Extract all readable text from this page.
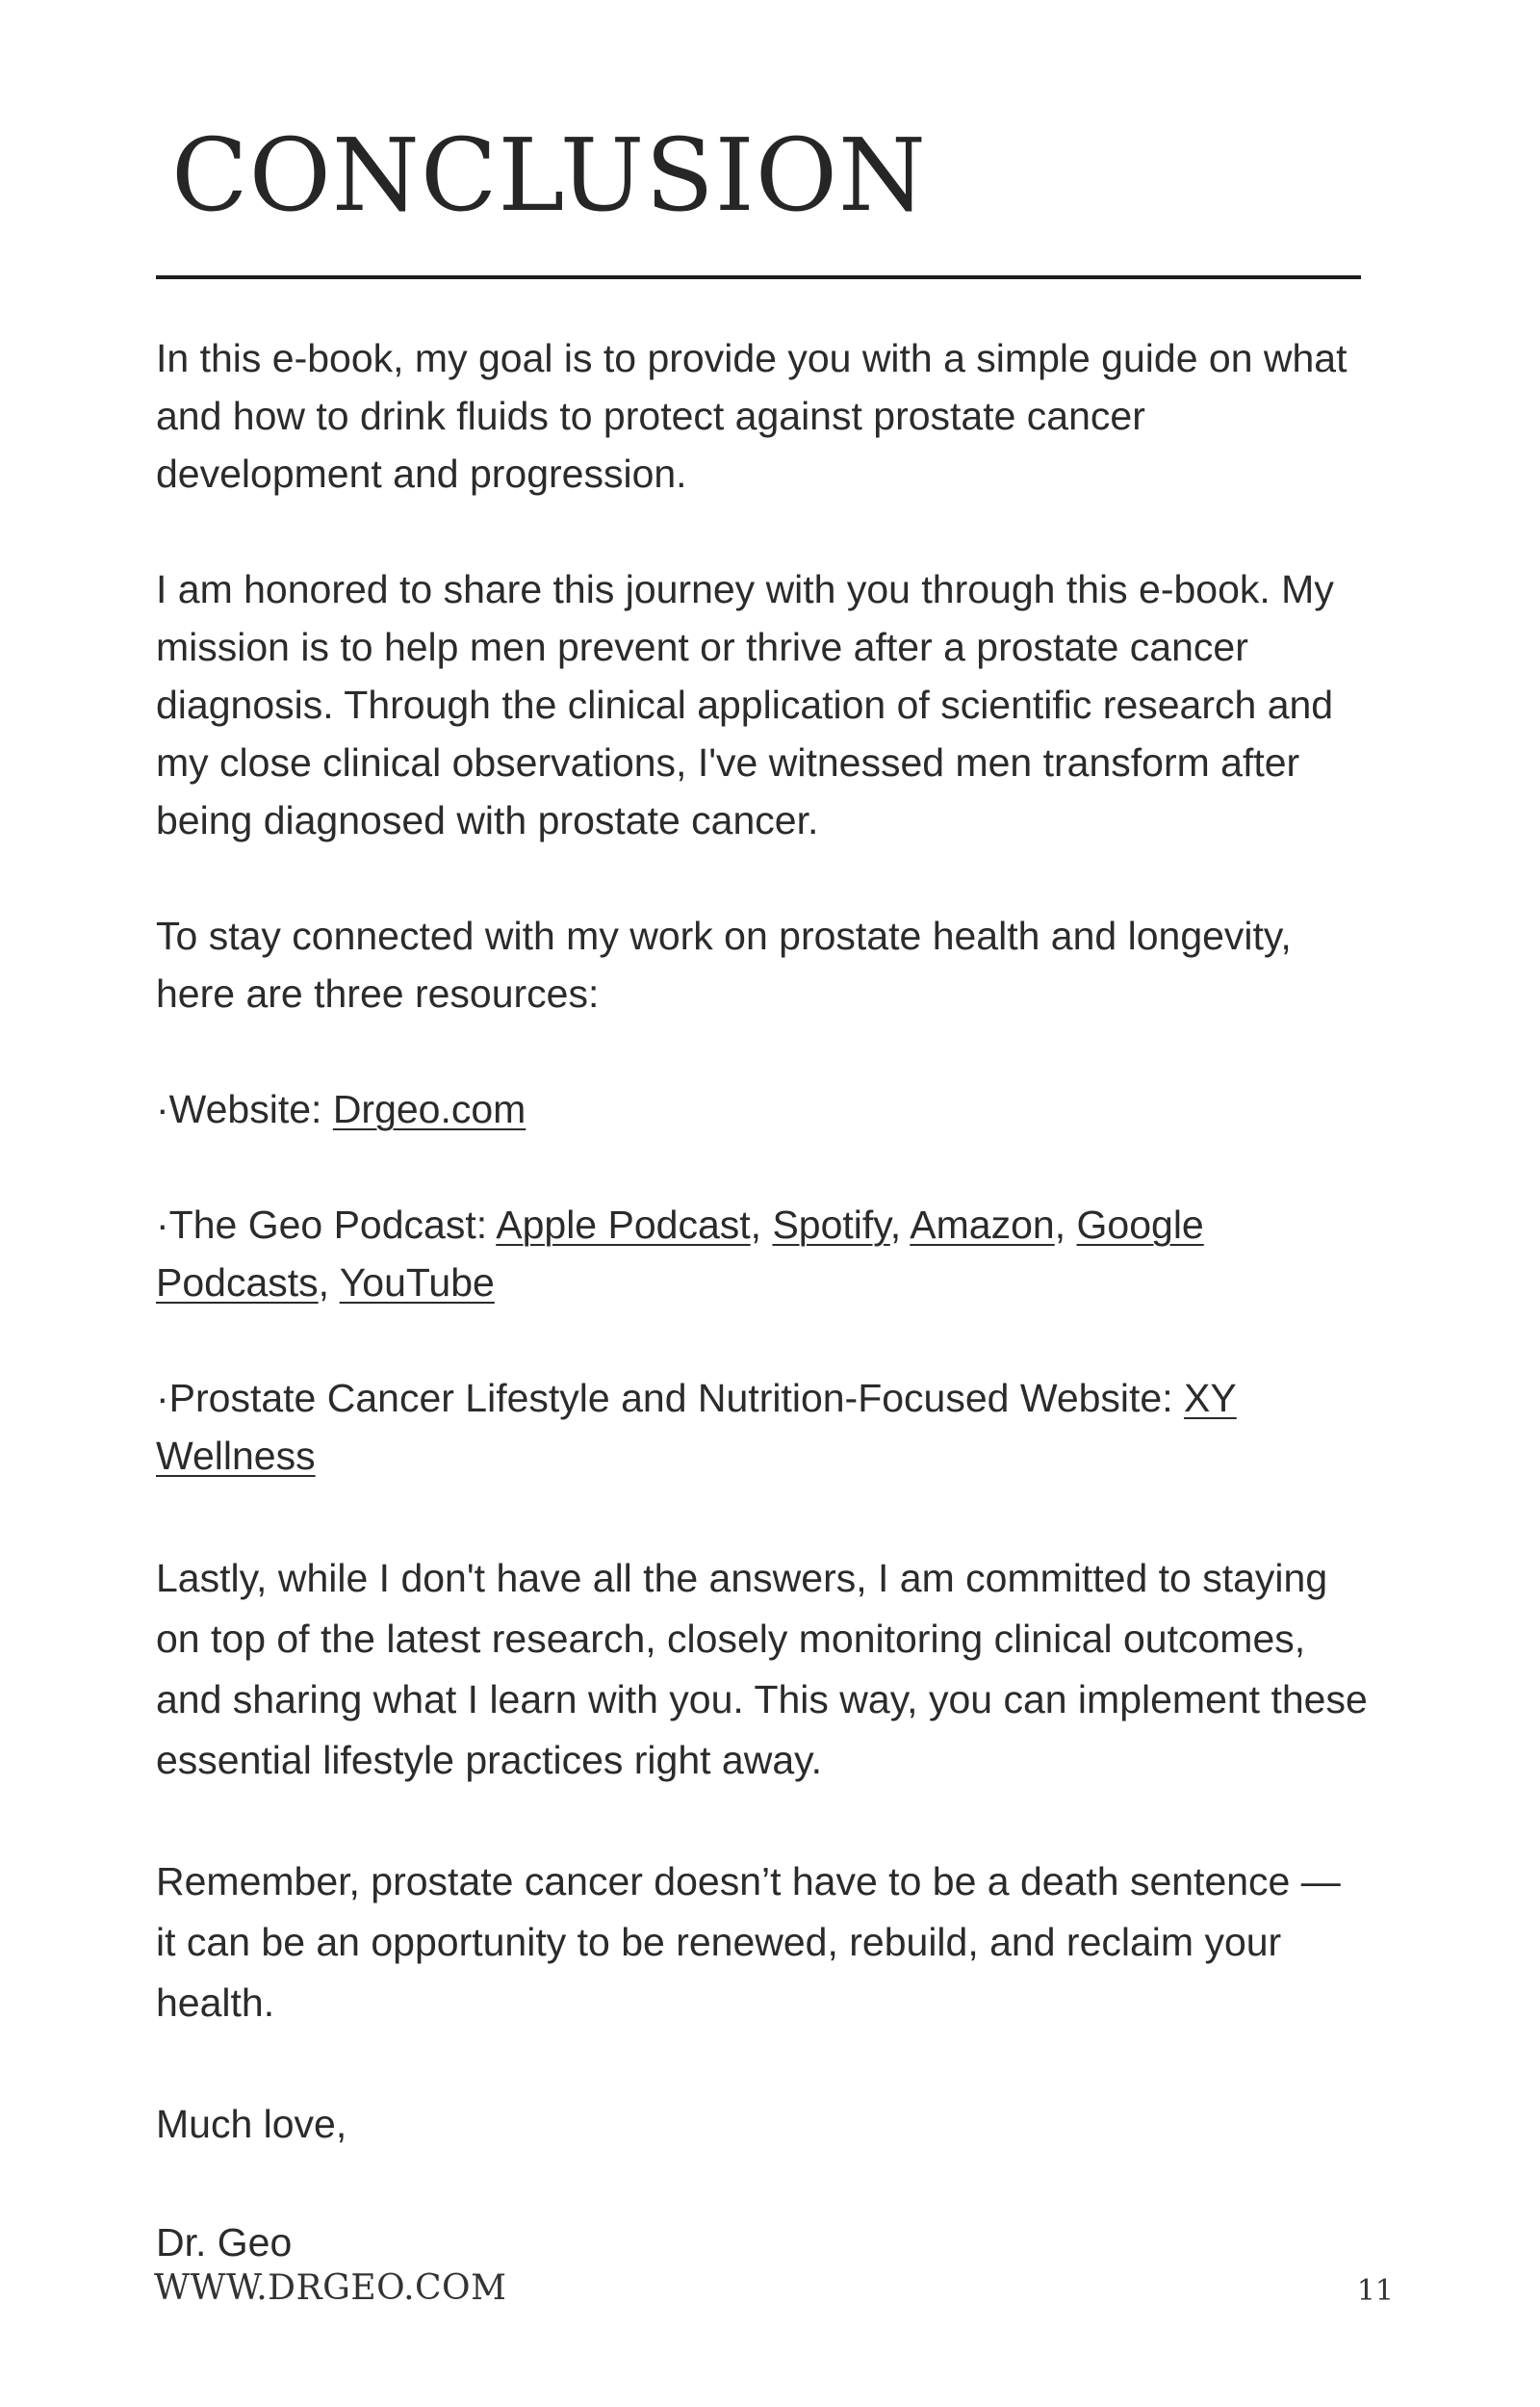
CONCLUSION

In this e-book, my goal is to provide you with a simple guide on what and how to drink fluids to protect against prostate cancer development and progression.

I am honored to share this journey with you through this e-book. My mission is to help men prevent or thrive after a prostate cancer diagnosis. Through the clinical application of scientific research and my close clinical observations, I've witnessed men transform after being diagnosed with prostate cancer.

To stay connected with my work on prostate health and longevity, here are three resources:

·Website: Drgeo.com

·The Geo Podcast: Apple Podcast, Spotify, Amazon, Google Podcasts, YouTube

·Prostate Cancer Lifestyle and Nutrition-Focused Website: XY Wellness

Lastly, while I don't have all the answers, I am committed to staying on top of the latest research, closely monitoring clinical outcomes, and sharing what I learn with you. This way, you can implement these essential lifestyle practices right away.

Remember, prostate cancer doesn’t have to be a death sentence — it can be an opportunity to be renewed, rebuild, and reclaim your health.

Much love,

Dr. Geo

WWW.DRGEO.COM	11
